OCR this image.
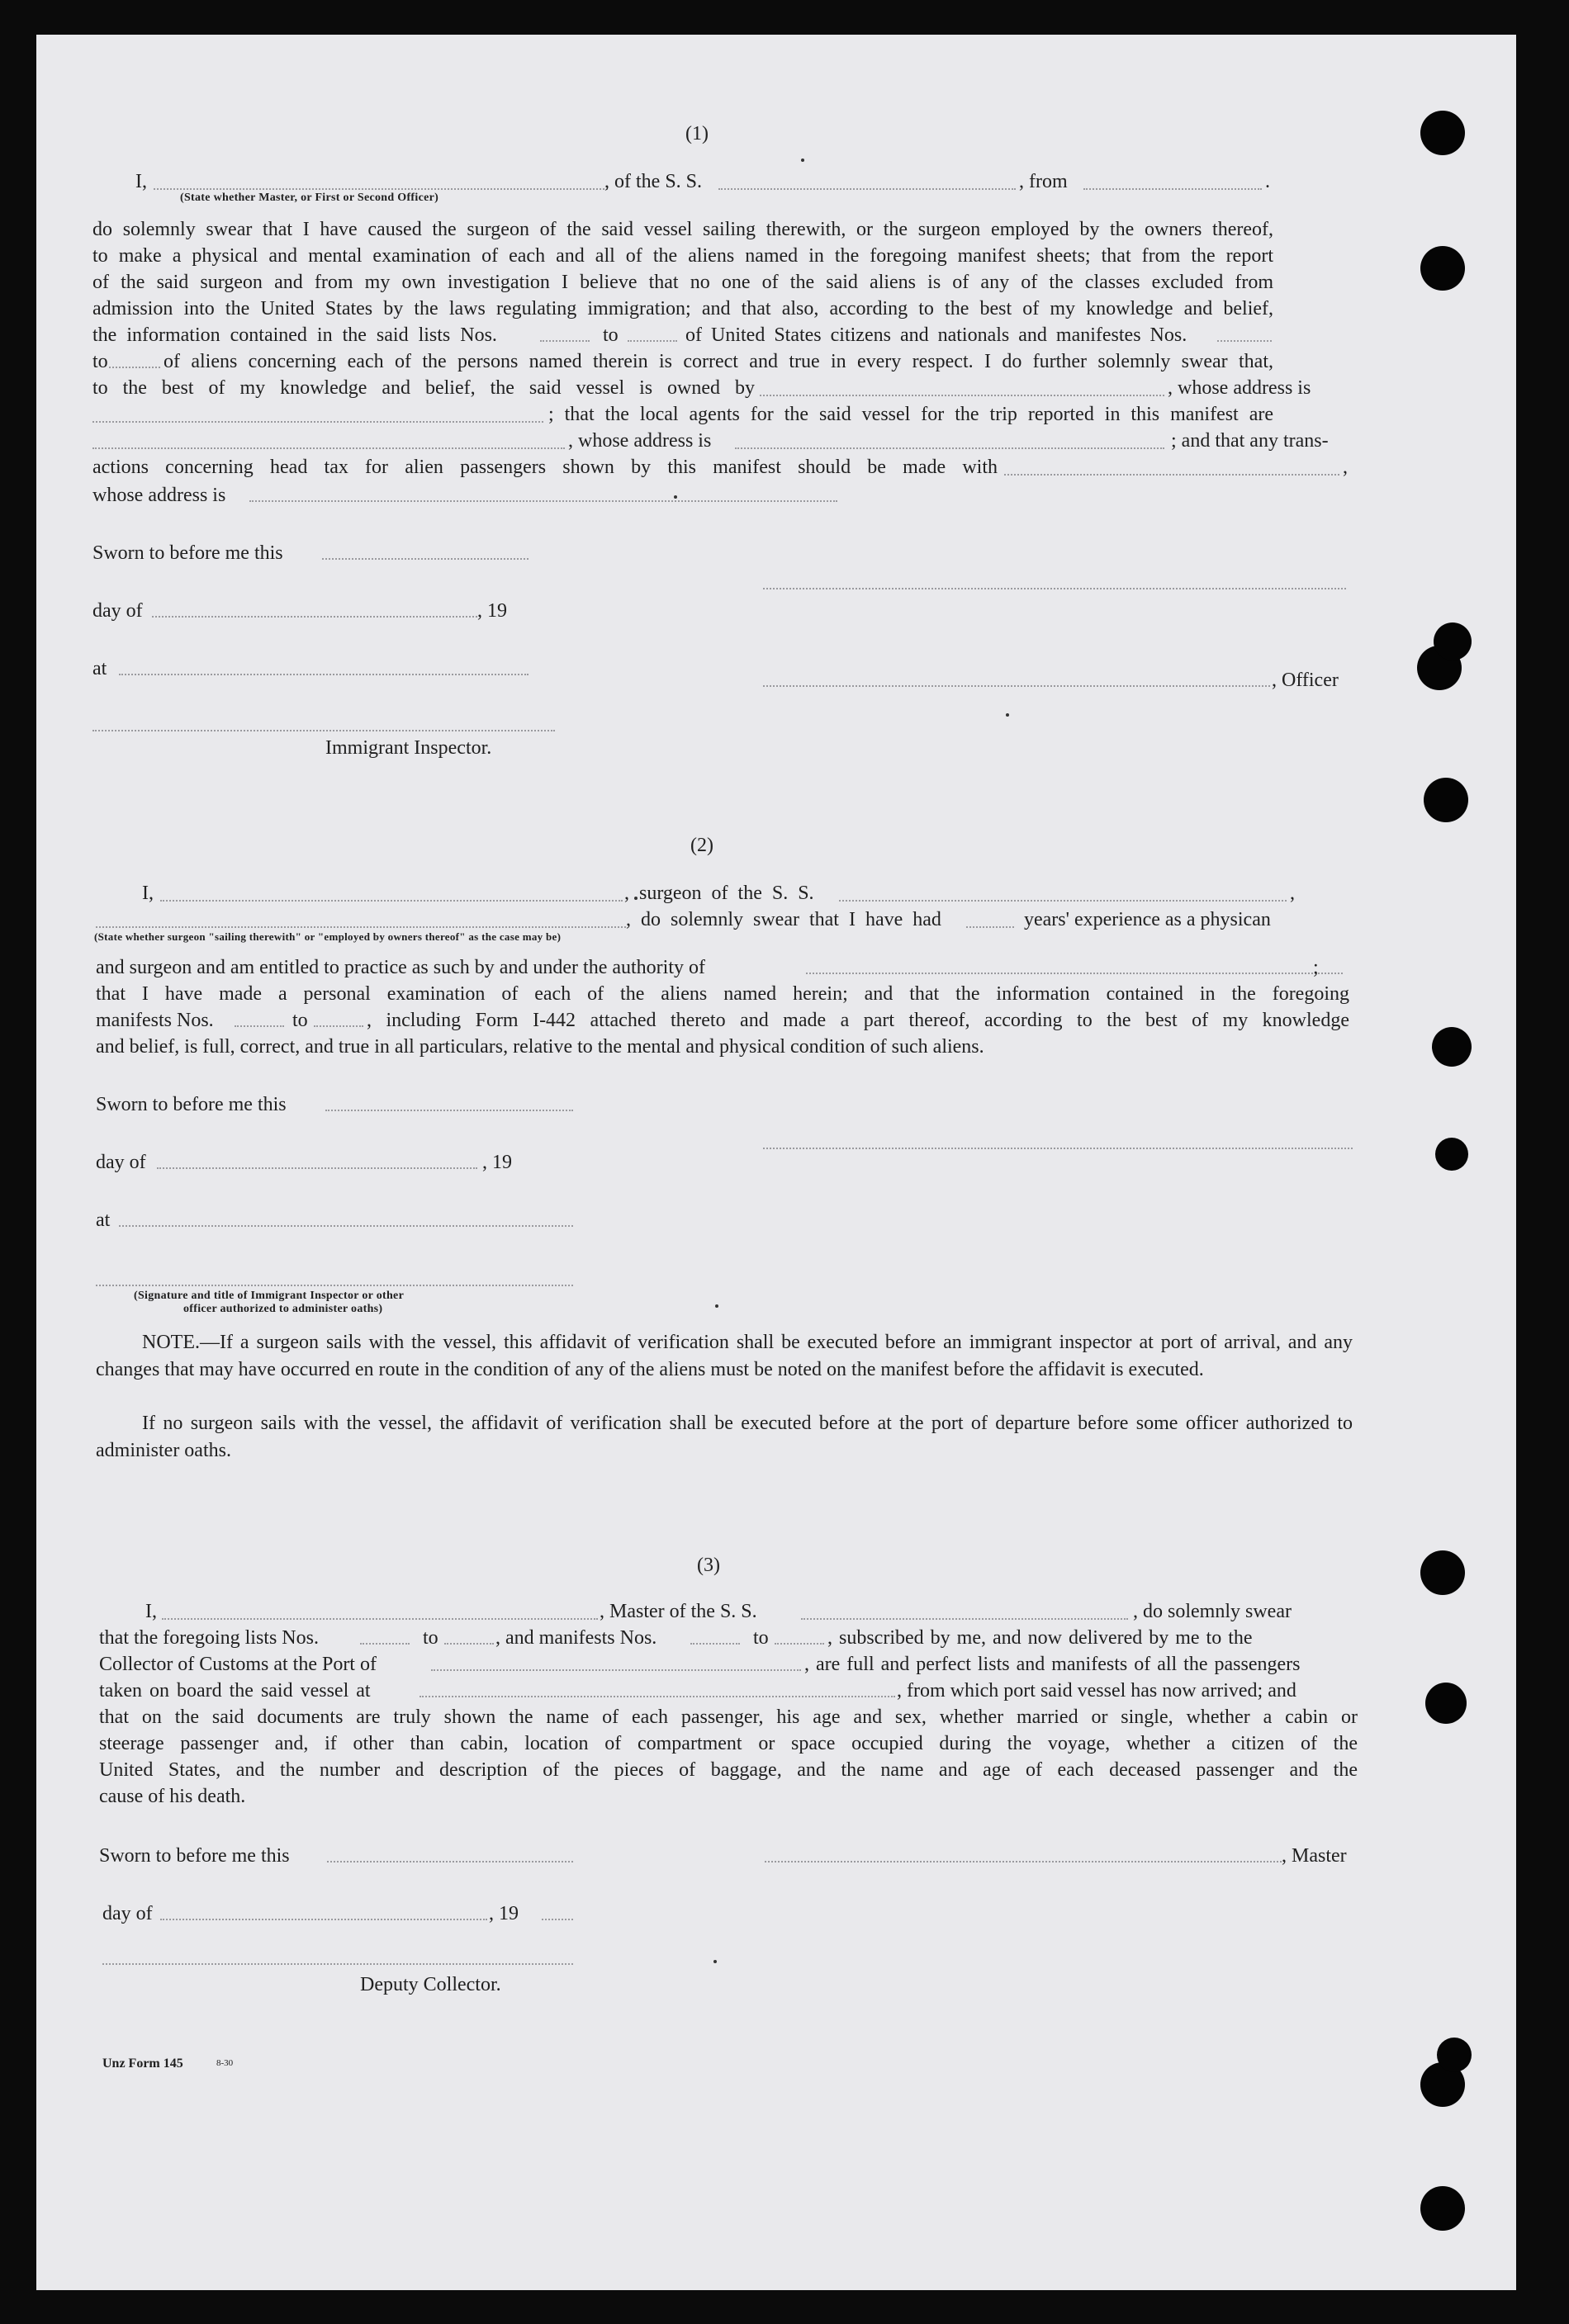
(1)
I,	, of the S. S.	, from	.
(State whether Master, or First or Second Officer)
do solemnly swear that I have caused the surgeon of the said vessel sailing therewith, or the surgeon employed by the owners thereof,
to make a physical and mental examination of each and all of the aliens named in the foregoing manifest sheets; that from the report
of the said surgeon and from my own investigation I believe that no one of the said aliens is of any of the classes excluded from
admission into the United States by the laws regulating immigration; and that also, according to the best of my knowledge and belief,
the information contained in the said lists Nos.	to	of United States citizens and nationals and manifestes Nos.
to	of aliens concerning each of the persons named therein is correct and true in every respect. I do further solemnly swear that,
to the best of my knowledge and belief, the said vessel is owned by	, whose address is
; that the local agents for the said vessel for the trip reported in this manifest are
, whose address is	; and that any trans-
actions concerning head tax for alien passengers shown by this manifest should be made with	,
whose address is
Sworn to before me this
day of	, 19
at
, Officer
Immigrant Inspector.
(2)
I,	, surgeon of the S. S.	,
, do solemnly swear that I have had	years' experience as a physican
(State whether surgeon "sailing therewith" or "employed by owners thereof" as the case may be)
and surgeon and am entitled to practice as such by and under the authority of	;
that I have made a personal examination of each of the aliens named herein; and that the information contained in the foregoing
manifests Nos.	to	, including Form I-442 attached thereto and made a part thereof, according to the best of my knowledge
and belief, is full, correct, and true in all particulars, relative to the mental and physical condition of such aliens.
Sworn to before me this
day of	, 19
at
(Signature and title of Immigrant Inspector or other
officer authorized to administer oaths)
NOTE.—If a surgeon sails with the vessel, this affidavit of verification shall be executed before an immigrant inspector at port of arrival, and any changes that may have occurred en route in the condition of any of the aliens must be noted on the manifest before the affidavit is executed.
If no surgeon sails with the vessel, the affidavit of verification shall be executed before at the port of departure before some officer authorized to administer oaths.
(3)
I,	, Master of the S. S.	, do solemnly swear
that the foregoing lists Nos.	to	, and manifests Nos.	to	, subscribed by me, and now delivered by me to the
Collector of Customs at the Port of	, are full and perfect lists and manifests of all the passengers
taken on board the said vessel at	, from which port said vessel has now arrived; and
that on the said documents are truly shown the name of each passenger, his age and sex, whether married or single, whether a cabin or
steerage passenger and, if other than cabin, location of compartment or space occupied during the voyage, whether a citizen of the
United States, and the number and description of the pieces of baggage, and the name and age of each deceased passenger and the
cause of his death.
Sworn to before me this	, Master
day of	, 19
Deputy Collector.
Unz Form 145	8-30
